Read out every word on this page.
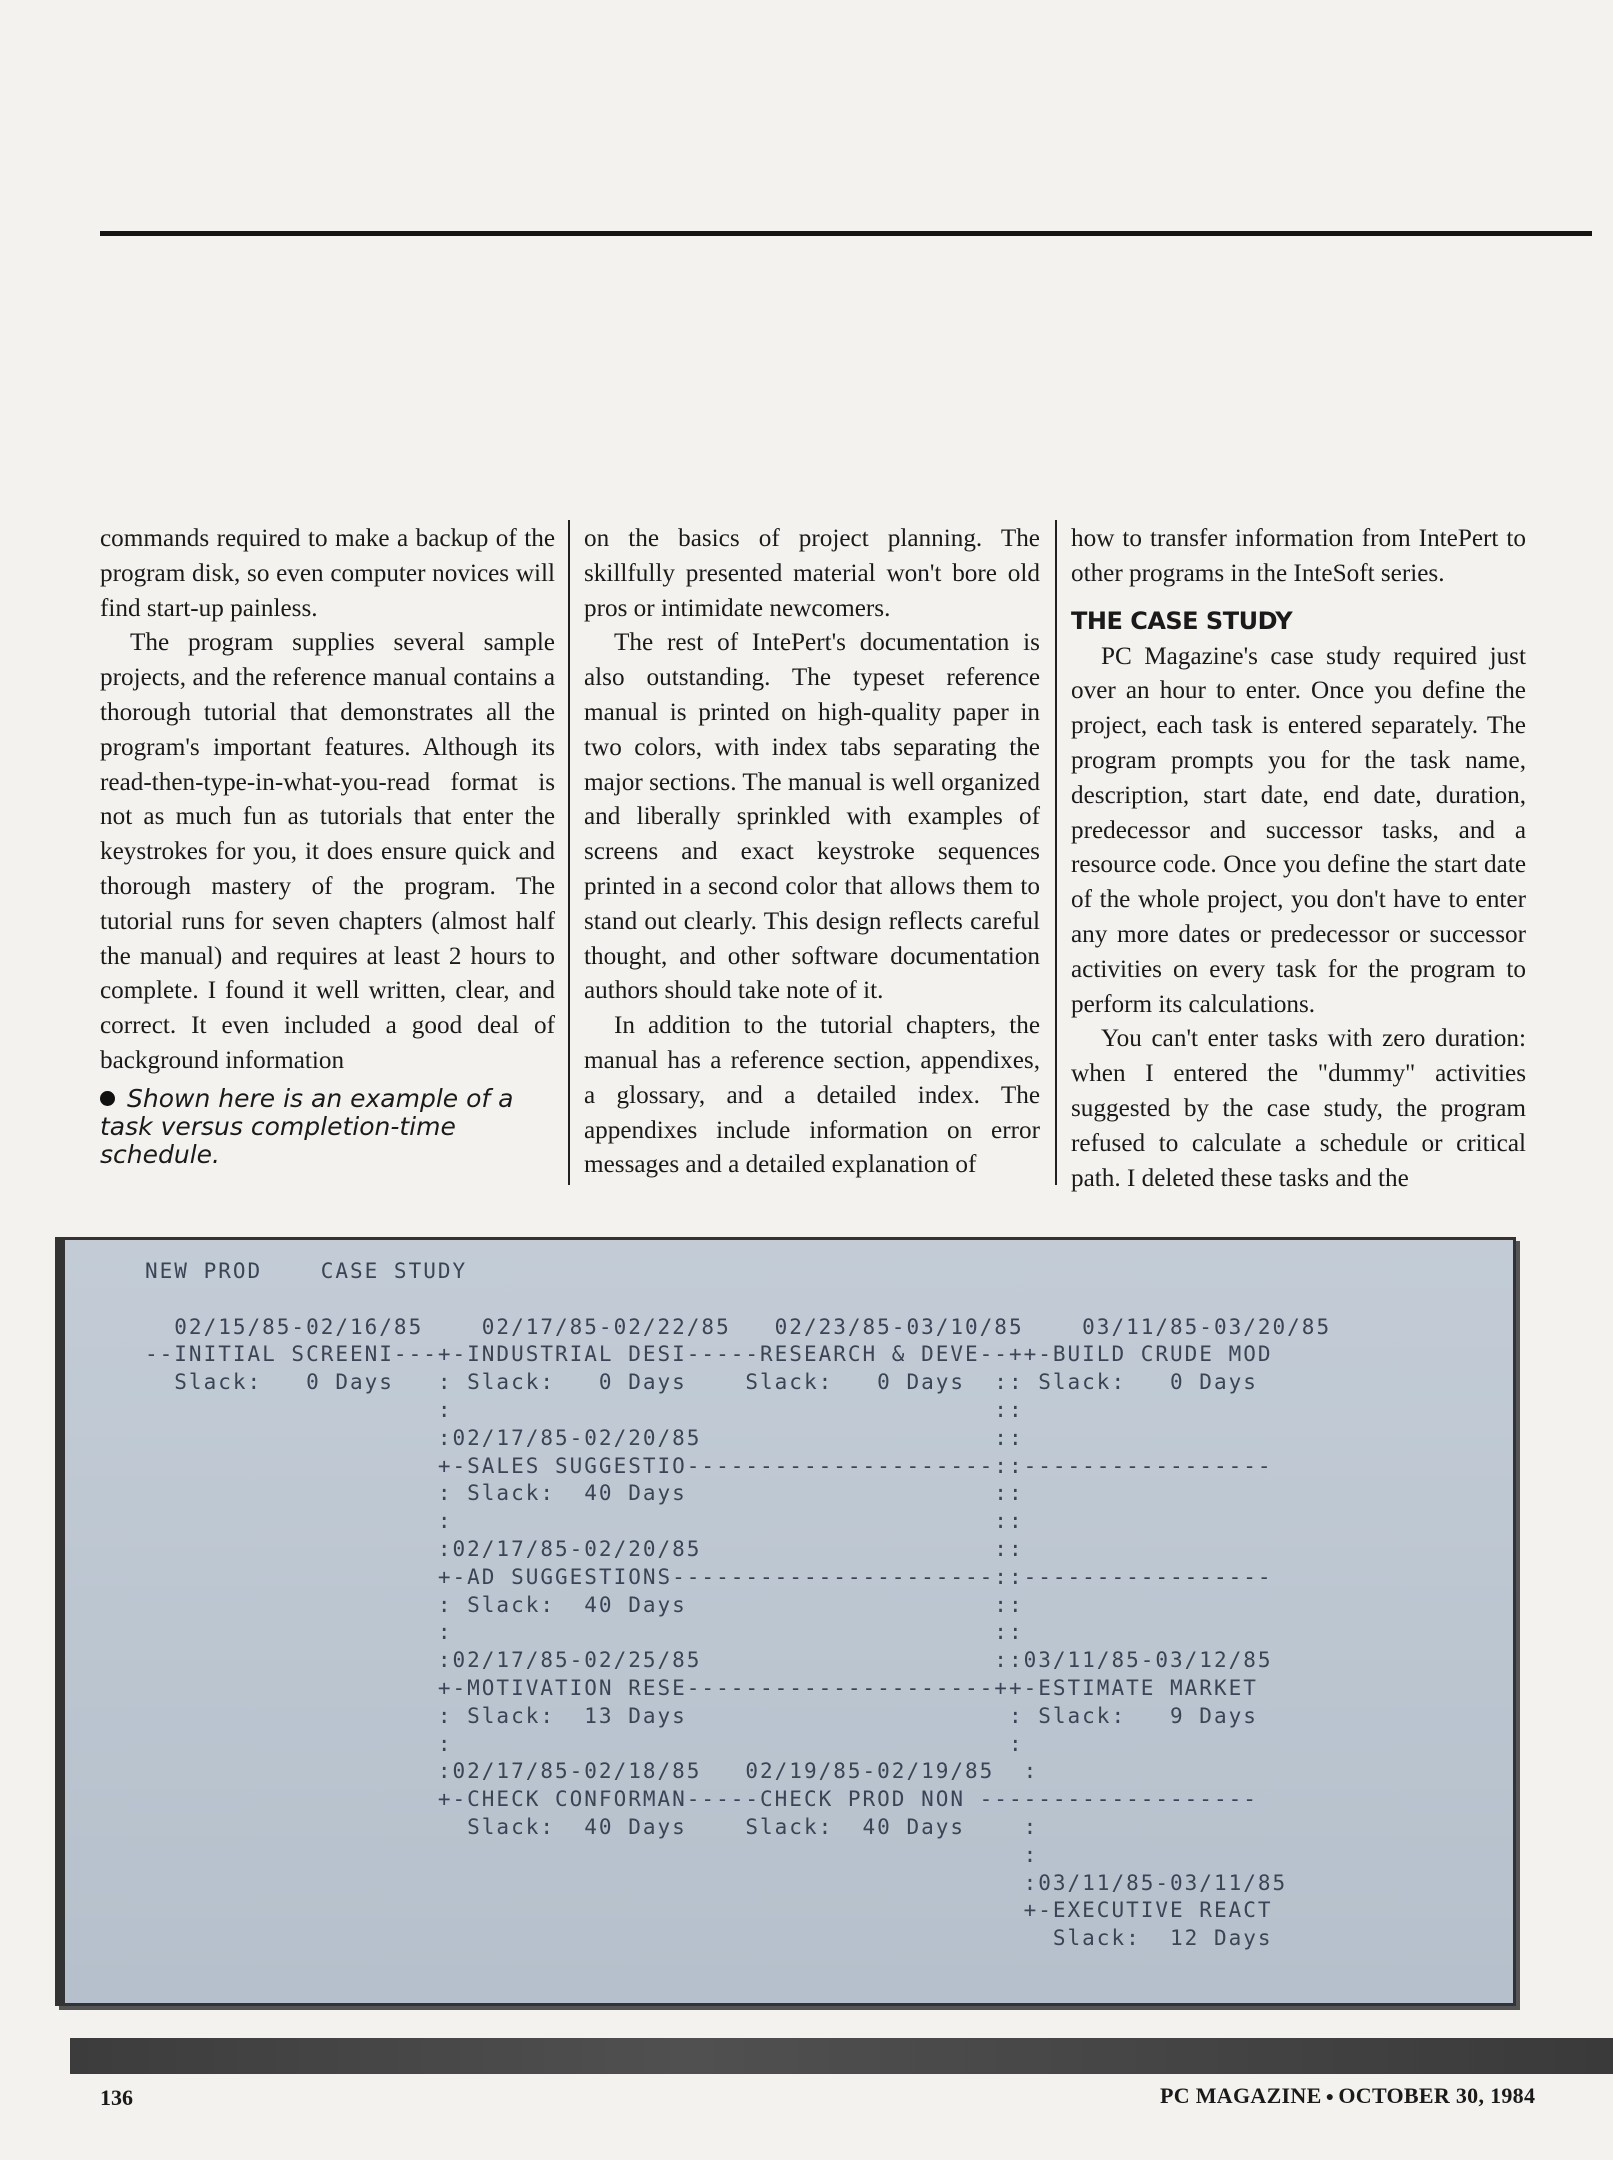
commands required to make a backup of the program disk, so even computer novices will find start-up painless.

The program supplies several sample projects, and the reference manual contains a thorough tutorial that demonstrates all the program's important features. Although its read-then-type-in-what-you-read format is not as much fun as tutorials that enter the keystrokes for you, it does ensure quick and thorough mastery of the program. The tutorial runs for seven chapters (almost half the manual) and requires at least 2 hours to complete. I found it well written, clear, and correct. It even included a good deal of background information

on the basics of project planning. The skillfully presented material won't bore old pros or intimidate newcomers.

The rest of IntePert's documentation is also outstanding. The typeset reference manual is printed on high-quality paper in two colors, with index tabs separating the major sections. The manual is well organized and liberally sprinkled with examples of screens and exact keystroke sequences printed in a second color that allows them to stand out clearly. This design reflects careful thought, and other software documentation authors should take note of it.

In addition to the tutorial chapters, the manual has a reference section, appendixes, a glossary, and a detailed index. The appendixes include information on error messages and a detailed explanation of

how to transfer information from IntePert to other programs in the InteSoft series.

THE CASE STUDY

PC Magazine's case study required just over an hour to enter. Once you define the project, each task is entered separately. The program prompts you for the task name, description, start date, end date, duration, predecessor and successor tasks, and a resource code. Once you define the start date of the whole project, you don't have to enter any more dates or predecessor or successor activities on every task for the program to perform its calculations.

You can't enter tasks with zero duration: when I entered the "dummy" activities suggested by the case study, the program refused to calculate a schedule or critical path. I deleted these tasks and the

Shown here is an example of a task versus completion-time schedule.
NEW PROD    CASE STUDY

02/15/85-02/16/85    02/17/85-02/22/85   02/23/85-03/10/85    03/11/85-03/20/85
--INITIAL SCREENI---+-INDUSTRIAL DESI-----RESEARCH & DEVE--++-BUILD CRUDE MOD
Slack:   0 Days   : Slack:   0 Days    Slack:   0 Days  :: Slack:   0 Days
:                                     ::
:02/17/85-02/20/85                    ::
+-SALES SUGGESTIO---------------------::-----------------
: Slack:  40 Days                     ::
:                                     ::
:02/17/85-02/20/85                    ::
+-AD SUGGESTIONS----------------------::-----------------
: Slack:  40 Days                     ::
:                                     ::
:02/17/85-02/25/85                    ::03/11/85-03/12/85
+-MOTIVATION RESE---------------------++-ESTIMATE MARKET
: Slack:  13 Days                      : Slack:   9 Days
:                                      :
:02/17/85-02/18/85   02/19/85-02/19/85  :
+-CHECK CONFORMAN-----CHECK PROD NON -------------------
Slack:  40 Days    Slack:  40 Days    :
:
:03/11/85-03/11/85
+-EXECUTIVE REACT
Slack:  12 Days

136	PC MAGAZINE ● OCTOBER 30, 1984
